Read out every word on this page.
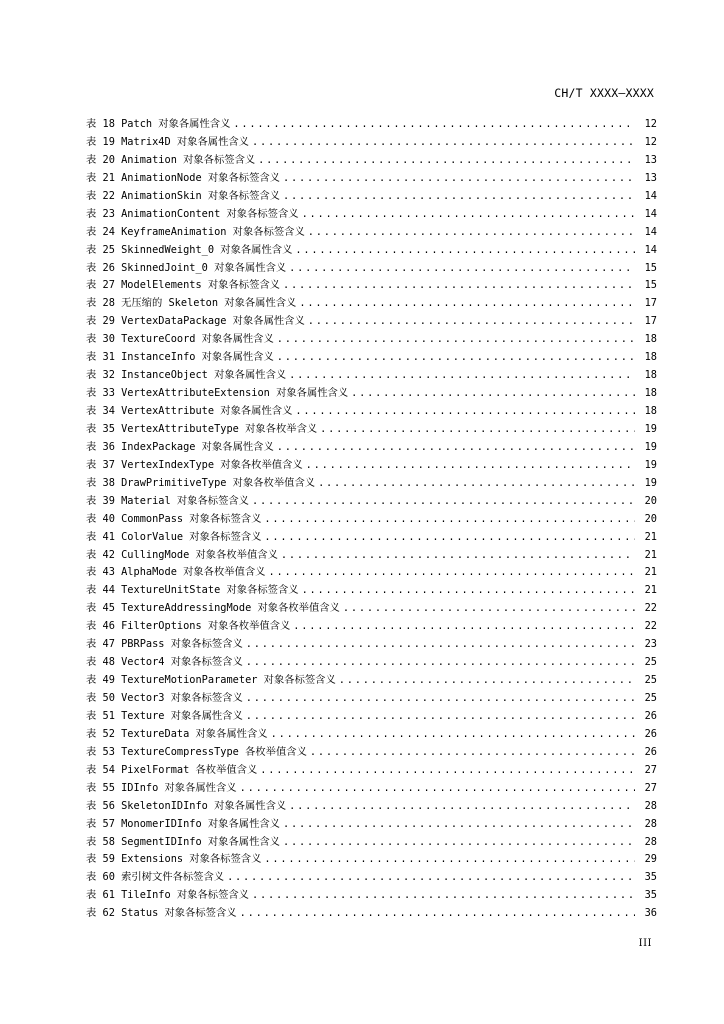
CH/T XXXX—XXXX
表 18 Patch 对象各属性含义 . . .	12
表 19 Matrix4D 对象各属性含义 . . .	12
表 20 Animation 对象各标签含义 . . .	13
表 21 AnimationNode 对象各标签含义 . . .	13
表 22 AnimationSkin 对象各标签含义 . . .	14
表 23 AnimationContent 对象各标签含义 . . .	14
表 24 KeyframeAnimation 对象各标签含义 . . .	14
表 25 SkinnedWeight_0 对象各属性含义 . . .	14
表 26 SkinnedJoint_0 对象各属性含义 . . .	15
表 27 ModelElements 对象各标签含义 . . .	15
表 28 无压缩的 Skeleton 对象各属性含义 . . .	17
表 29 VertexDataPackage 对象各属性含义 . . .	17
表 30 TextureCoord 对象各属性含义 . . .	18
表 31 InstanceInfo 对象各属性含义 . . .	18
表 32 InstanceObject 对象各属性含义 . . .	18
表 33 VertexAttributeExtension 对象各属性含义 . . .	18
表 34 VertexAttribute 对象各属性含义 . . .	18
表 35 VertexAttributeType 对象各枚举含义 . . .	19
表 36 IndexPackage 对象各属性含义 . . .	19
表 37 VertexIndexType 对象各枚举值含义 . . .	19
表 38 DrawPrimitiveType 对象各枚举值含义 . . .	19
表 39 Material 对象各标签含义 . . .	20
表 40 CommonPass 对象各标签含义 . . .	20
表 41 ColorValue 对象各标签含义 . . .	21
表 42 CullingMode 对象各枚举值含义 . . .	21
表 43 AlphaMode 对象各枚举值含义 . . .	21
表 44 TextureUnitState 对象各标签含义 . . .	21
表 45 TextureAddressingMode 对象各枚举值含义 . . .	22
表 46 FilterOptions 对象各枚举值含义 . . .	22
表 47 PBRPass 对象各标签含义 . . .	23
表 48 Vector4 对象各标签含义 . . .	25
表 49 TextureMotionParameter 对象各标签含义 . . .	25
表 50 Vector3 对象各标签含义 . . .	25
表 51 Texture 对象各属性含义 . . .	26
表 52 TextureData 对象各属性含义 . . .	26
表 53 TextureCompressType 各枚举值含义 . . .	26
表 54 PixelFormat 各枚举值含义 . . .	27
表 55 IDInfo 对象各属性含义 . . .	27
表 56 SkeletonIDInfo 对象各属性含义 . . .	28
表 57 MonomerIDInfo 对象各属性含义 . . .	28
表 58 SegmentIDInfo 对象各属性含义 . . .	28
表 59 Extensions 对象各标签含义 . . .	29
表 60 索引树文件各标签含义 . . .	35
表 61 TileInfo 对象各标签含义 . . .	35
表 62 Status 对象各标签含义 . . .	36
III
